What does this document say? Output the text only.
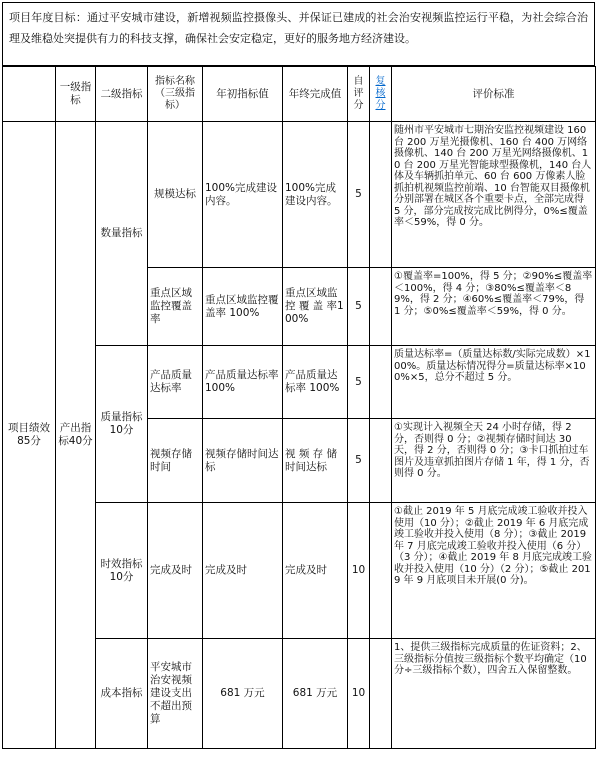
项目年度目标：通过平安城市建设，新增视频监控摄像头、并保证已建成的社会治安视频监控运行平稳，为社会综合治理及维稳处突提供有力的科技支撑，确保社会安定稳定，更好的服务地方经济建设。
	一级指标	二级指标	指标名称（三级指标）	年初指标值	年终完成值	自评分	复核分	评价标准
项目绩效85分	产出指标40分	数量指标	规模达标	100%完成建设内容。	100%完成建设内容。	5		随州市平安城市七期治安监控视频建设 160 台 200 万星光摄像机、160 台 400 万网络摄像机、140 台 200 万星光网络摄像机、10 台 200 万星光智能球型摄像机，140 台人体及车辆抓拍单元、60 台 600 万像素人脸抓拍机视频监控前端、10 台智能双目摄像机分别部署在城区各个重要卡点，全部完成得 5 分，部分完成按完成比例得分，0%≤覆盖率＜59%，得 0 分。
			重点区域监控覆盖率	重点区域监控覆盖率 100%	重点区域监控 覆 盖 率100%	5		①覆盖率=100%，得 5 分；②90%≤覆盖率＜100%，得 4 分；③80%≤覆盖率＜89%，得 2 分；④60%≤覆盖率＜79%，得 1 分；⑤0%≤覆盖率＜59%，得 0 分。
		质量指标10分	产品质量达标率	产品质量达标率 100%	产品质量达标率 100%	5		质量达标率=（质量达标数/实际完成数）×100%。质量达标情况得分=质量达标率×100%×5，总分不超过 5 分。
			视频存储时间	视频存储时间达标	视 频 存 储时间达标	5		①实现计入视频全天 24 小时存储，得 2 分，否则得 0 分；②视频存储时间达 30 天，得 2 分，否则得 0 分；③卡口抓拍过车图片及违章抓拍图片存储 1 年，得 1 分，否则得 0 分。
		时效指标10分	完成及时	完成及时	完成及时	10		①截止 2019 年 5 月底完成竣工验收并投入使用（10 分）；②截止 2019 年 6 月底完成竣工验收并投入使用（8 分）；③截止 2019 年 7 月底完成竣工验收并投入使用（6 分）（3 分）；④截止 2019 年 8 月底完成竣工验收并投入使用（10 分）（2 分）；⑤截止 2019 年 9 月底项目未开展(0 分)。
		成本指标	平安城市治安视频建设支出不超出预算	681 万元	681 万元	10		1、提供三级指标完成质量的佐证资料；2、三级指标分值按三级指标个数平均确定（10 分÷三级指标个数），四舍五入保留整数。
